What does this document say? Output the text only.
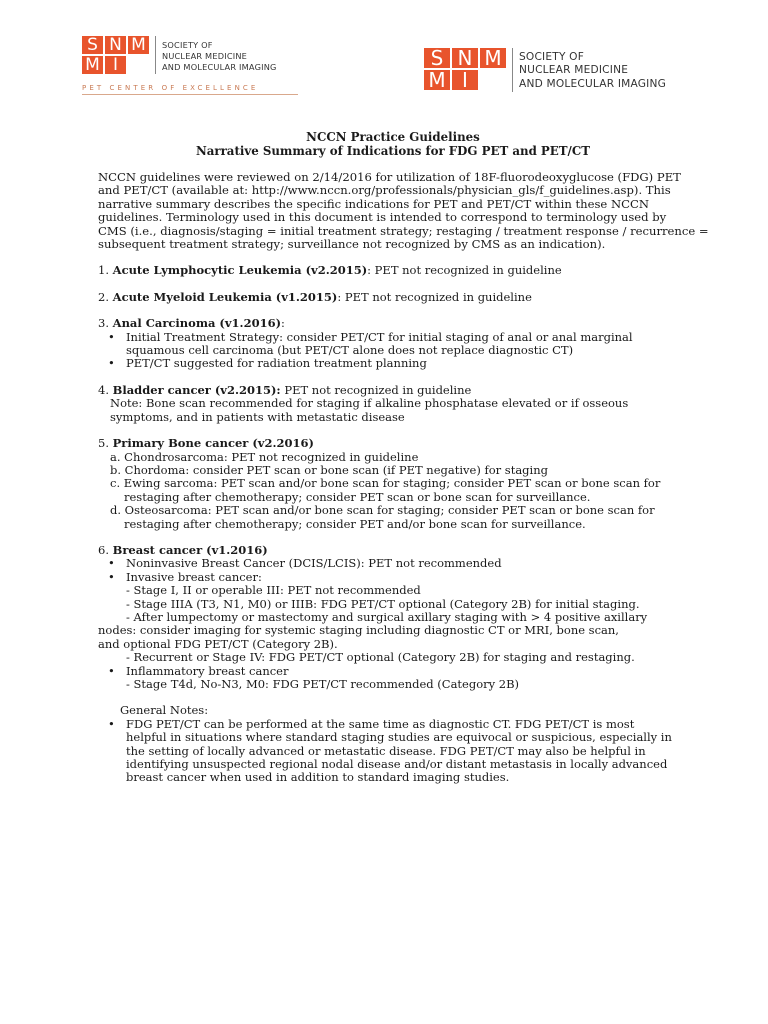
S N M
M I
SOCIETY OF
NUCLEAR MEDICINE
AND MOLECULAR IMAGING
PET CENTER OF EXCELLENCE
S N M
M I
SOCIETY OF
NUCLEAR MEDICINE
AND MOLECULAR IMAGING
NCCN Practice Guidelines
Narrative Summary of Indications for FDG PET and PET/CT
NCCN guidelines were reviewed on 2/14/2016 for utilization of 18F-fluorodeoxyglucose (FDG) PET
and PET/CT (available at: http://www.nccn.org/professionals/physician_gls/f_guidelines.asp). This
narrative summary describes the specific indications for PET and PET/CT within these NCCN
guidelines. Terminology used in this document is intended to correspond to terminology used by
CMS (i.e., diagnosis/staging = initial treatment strategy; restaging / treatment response / recurrence =
subsequent treatment strategy; surveillance not recognized by CMS as an indication).
1. Acute Lymphocytic Leukemia (v2.2015): PET not recognized in guideline
2. Acute Myeloid Leukemia (v1.2015): PET not recognized in guideline
3. Anal Carcinoma (v1.2016):
• Initial Treatment Strategy: consider PET/CT for initial staging of anal or anal marginal
squamous cell carcinoma (but PET/CT alone does not replace diagnostic CT)
• PET/CT suggested for radiation treatment planning
4. Bladder cancer (v2.2015): PET not recognized in guideline
Note: Bone scan recommended for staging if alkaline phosphatase elevated or if osseous
symptoms, and in patients with metastatic disease
5. Primary Bone cancer (v2.2016)
a. Chondrosarcoma: PET not recognized in guideline
b. Chordoma: consider PET scan or bone scan (if PET negative) for staging
c. Ewing sarcoma: PET scan and/or bone scan for staging; consider PET scan or bone scan for
restaging after chemotherapy; consider PET scan or bone scan for surveillance.
d. Osteosarcoma: PET scan and/or bone scan for staging; consider PET scan or bone scan for
restaging after chemotherapy; consider PET and/or bone scan for surveillance.
6. Breast cancer (v1.2016)
• Noninvasive Breast Cancer (DCIS/LCIS): PET not recommended
• Invasive breast cancer:
- Stage I, II or operable III: PET not recommended
- Stage IIIA (T3, N1, M0) or IIIB: FDG PET/CT optional (Category 2B) for initial staging.
- After lumpectomy or mastectomy and surgical axillary staging with > 4 positive axillary
nodes: consider imaging for systemic staging including diagnostic CT or MRI, bone scan,
and optional FDG PET/CT (Category 2B).
- Recurrent or Stage IV: FDG PET/CT optional (Category 2B) for staging and restaging.
• Inflammatory breast cancer
- Stage T4d, No-N3, M0: FDG PET/CT recommended (Category 2B)
General Notes:
• FDG PET/CT can be performed at the same time as diagnostic CT. FDG PET/CT is most
helpful in situations where standard staging studies are equivocal or suspicious, especially in
the setting of locally advanced or metastatic disease. FDG PET/CT may also be helpful in
identifying unsuspected regional nodal disease and/or distant metastasis in locally advanced
breast cancer when used in addition to standard imaging studies.
